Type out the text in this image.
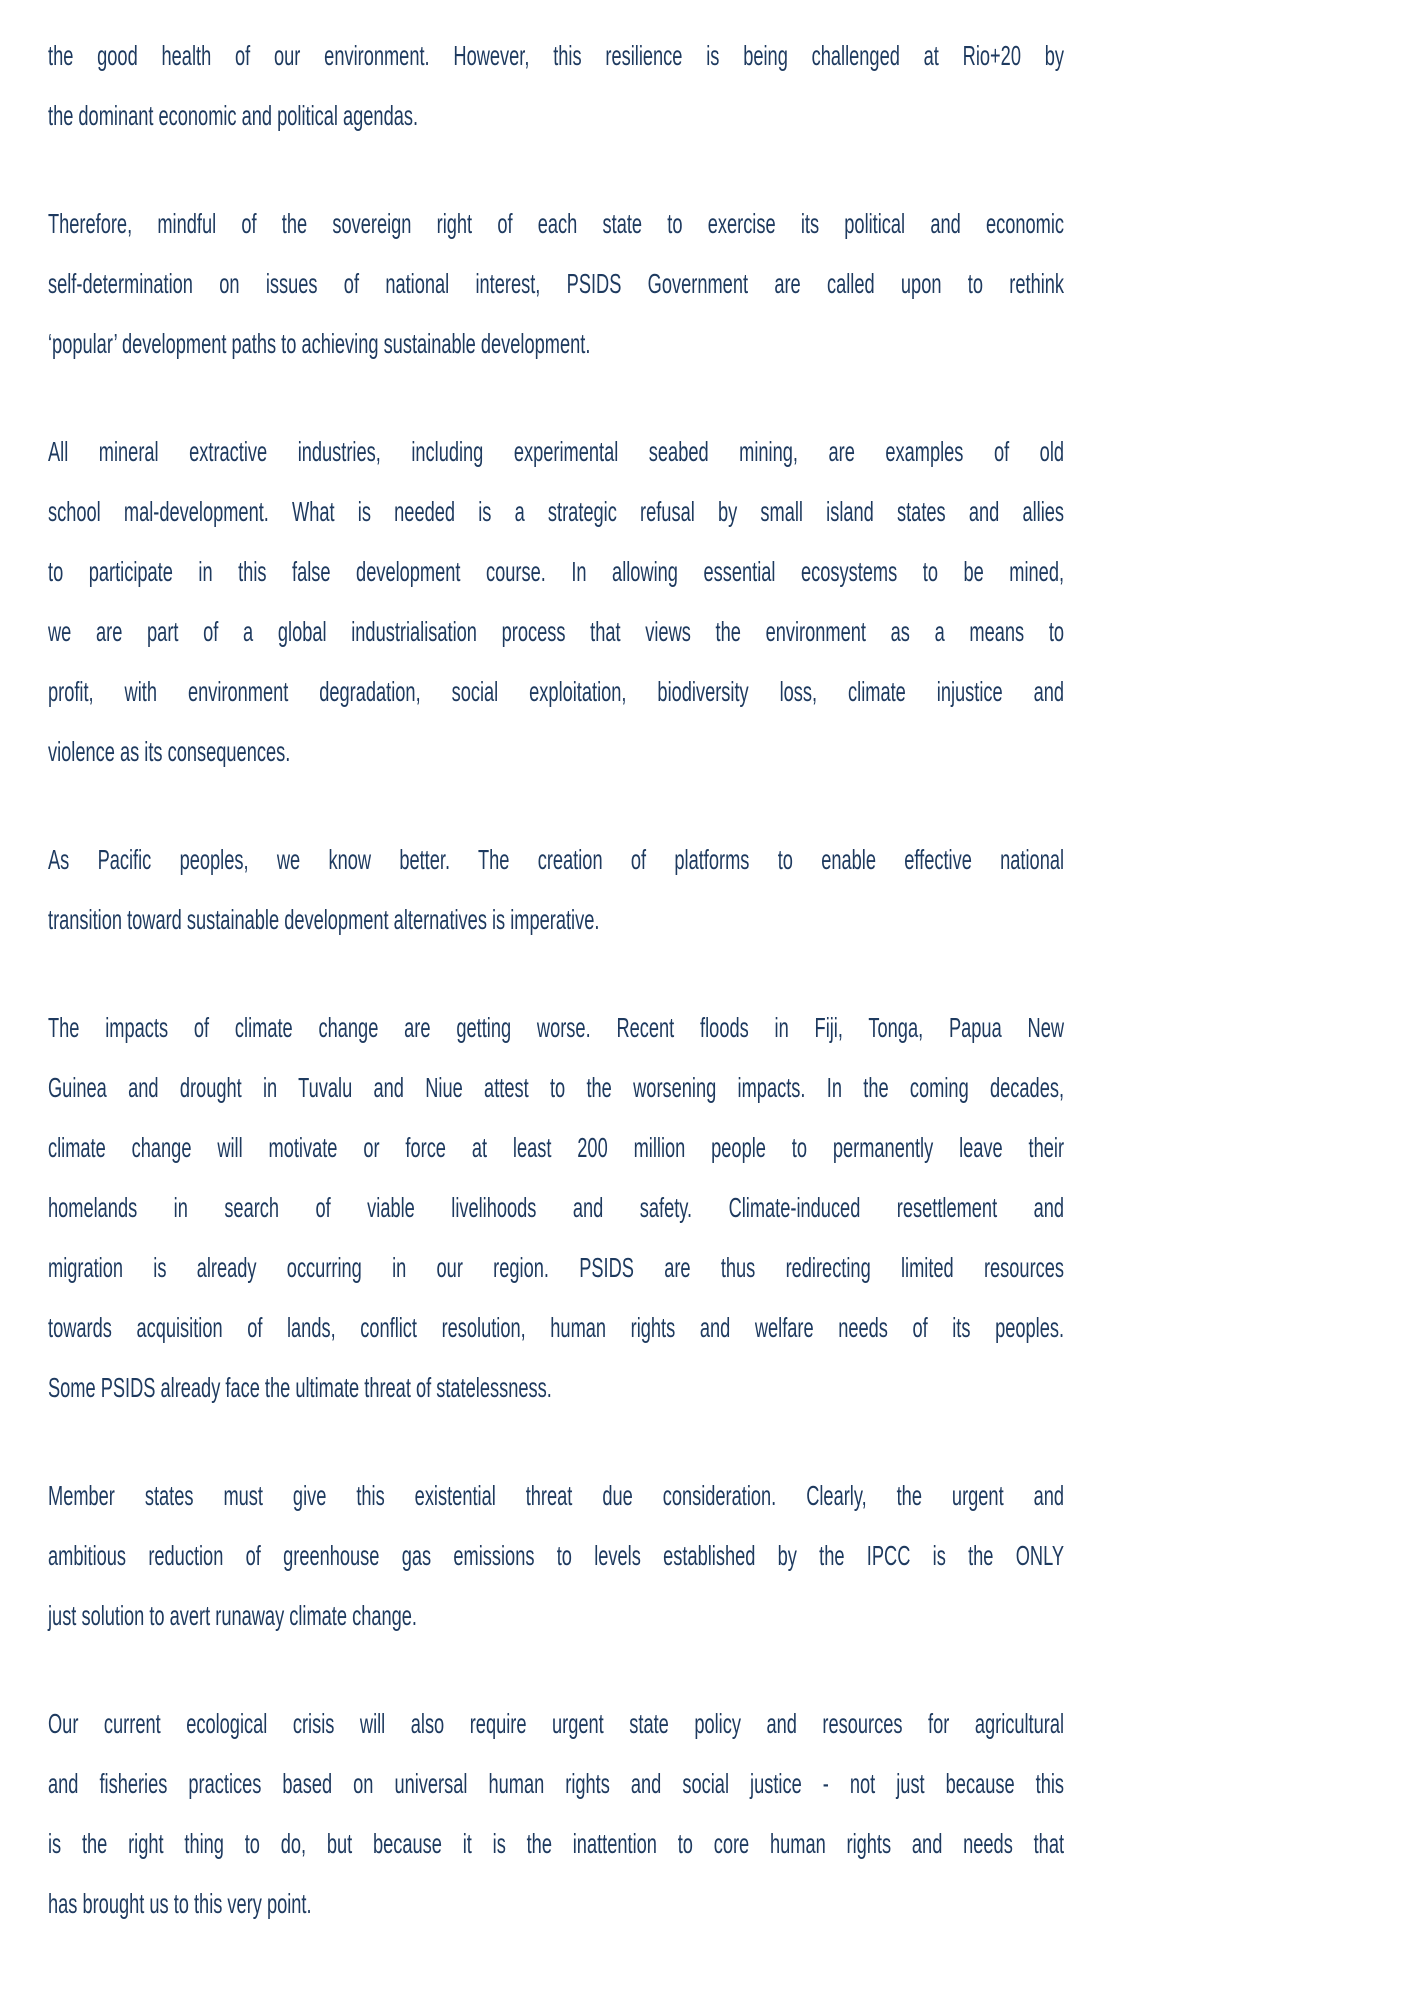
the good health of our environment. However, this resilience is being challenged at Rio+20 by
the dominant economic and political agendas.
Therefore, mindful of the sovereign right of each state to exercise its political and economic
self-determination on issues of national interest, PSIDS Government are called upon to rethink
‘popular’ development paths to achieving sustainable development.
All mineral extractive industries, including experimental seabed mining, are examples of old
school mal-development. What is needed is a strategic refusal by small island states and allies
to participate in this false development course. In allowing essential ecosystems to be mined,
we are part of a global industrialisation process that views the environment as a means to
profit, with environment degradation, social exploitation, biodiversity loss, climate injustice and
violence as its consequences.
As Pacific peoples, we know better. The creation of platforms to enable effective national
transition toward sustainable development alternatives is imperative.
The impacts of climate change are getting worse. Recent floods in Fiji, Tonga, Papua New
Guinea and drought in Tuvalu and Niue attest to the worsening impacts. In the coming decades,
climate change will motivate or force at least 200 million people to permanently leave their
homelands in search of viable livelihoods and safety. Climate-induced resettlement and
migration is already occurring in our region. PSIDS are thus redirecting limited resources
towards acquisition of lands, conflict resolution, human rights and welfare needs of its peoples.
Some PSIDS already face the ultimate threat of statelessness.
Member states must give this existential threat due consideration. Clearly, the urgent and
ambitious reduction of greenhouse gas emissions to levels established by the IPCC is the ONLY
just solution to avert runaway climate change.
Our current ecological crisis will also require urgent state policy and resources for agricultural
and fisheries practices based on universal human rights and social justice - not just because this
is the right thing to do, but because it is the inattention to core human rights and needs that
has brought us to this very point.
